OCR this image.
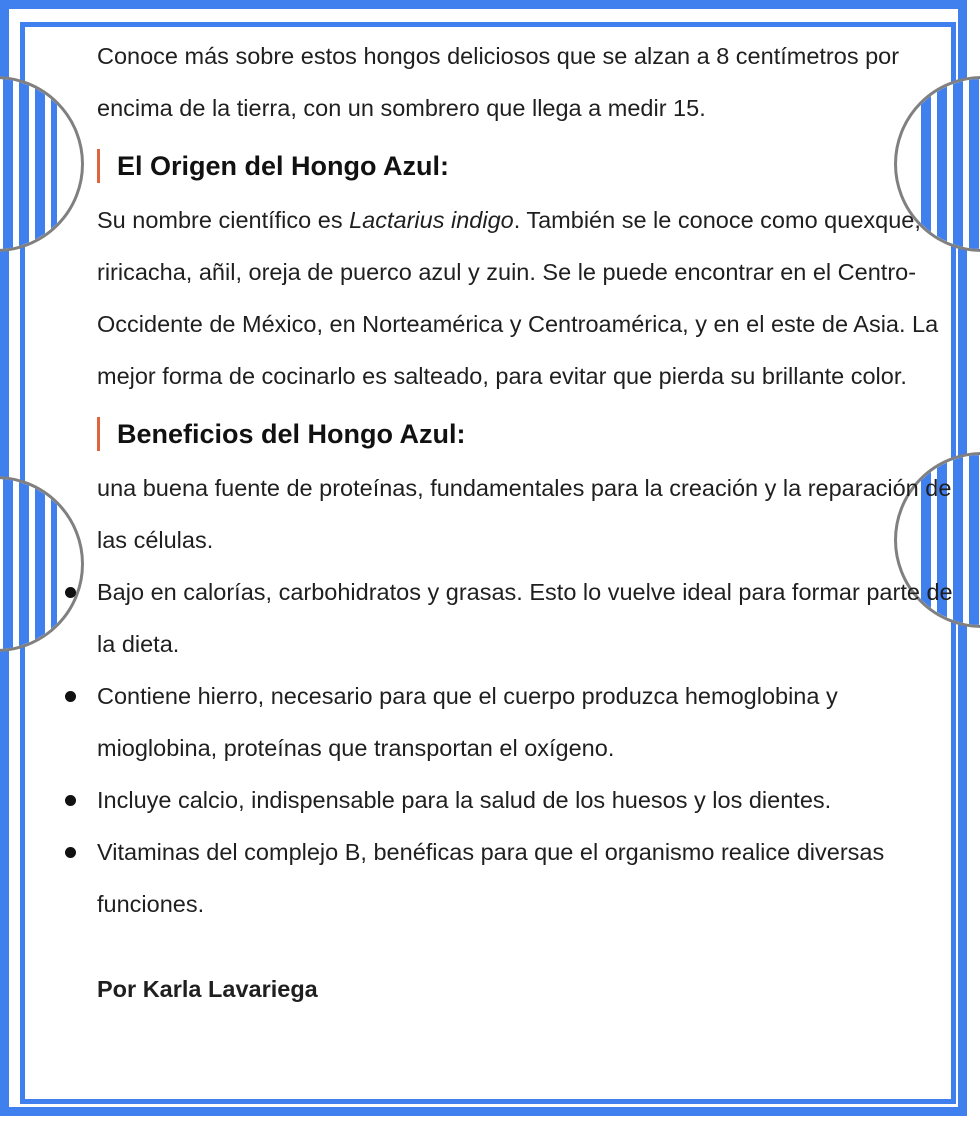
Conoce más sobre estos hongos deliciosos que se alzan a 8 centímetros por encima de la tierra, con un sombrero que llega a medir 15.

El Origen del Hongo Azul:

Su nombre científico es Lactarius indigo. También se le conoce como quexque, riricacha, añil, oreja de puerco azul y zuin. Se le puede encontrar en el Centro-Occidente de México, en Norteamérica y Centroamérica, y en el este de Asia. La mejor forma de cocinarlo es salteado, para evitar que pierda su brillante color.

Beneficios del Hongo Azul:

una buena fuente de proteínas, fundamentales para la creación y la reparación de las células.

Bajo en calorías, carbohidratos y grasas. Esto lo vuelve ideal para formar parte de la dieta.
Contiene hierro, necesario para que el cuerpo produzca hemoglobina y mioglobina, proteínas que transportan el oxígeno.
Incluye calcio, indispensable para la salud de los huesos y los dientes.
Vitaminas del complejo B, benéficas para que el organismo realice diversas funciones.
Por Karla Lavariega
